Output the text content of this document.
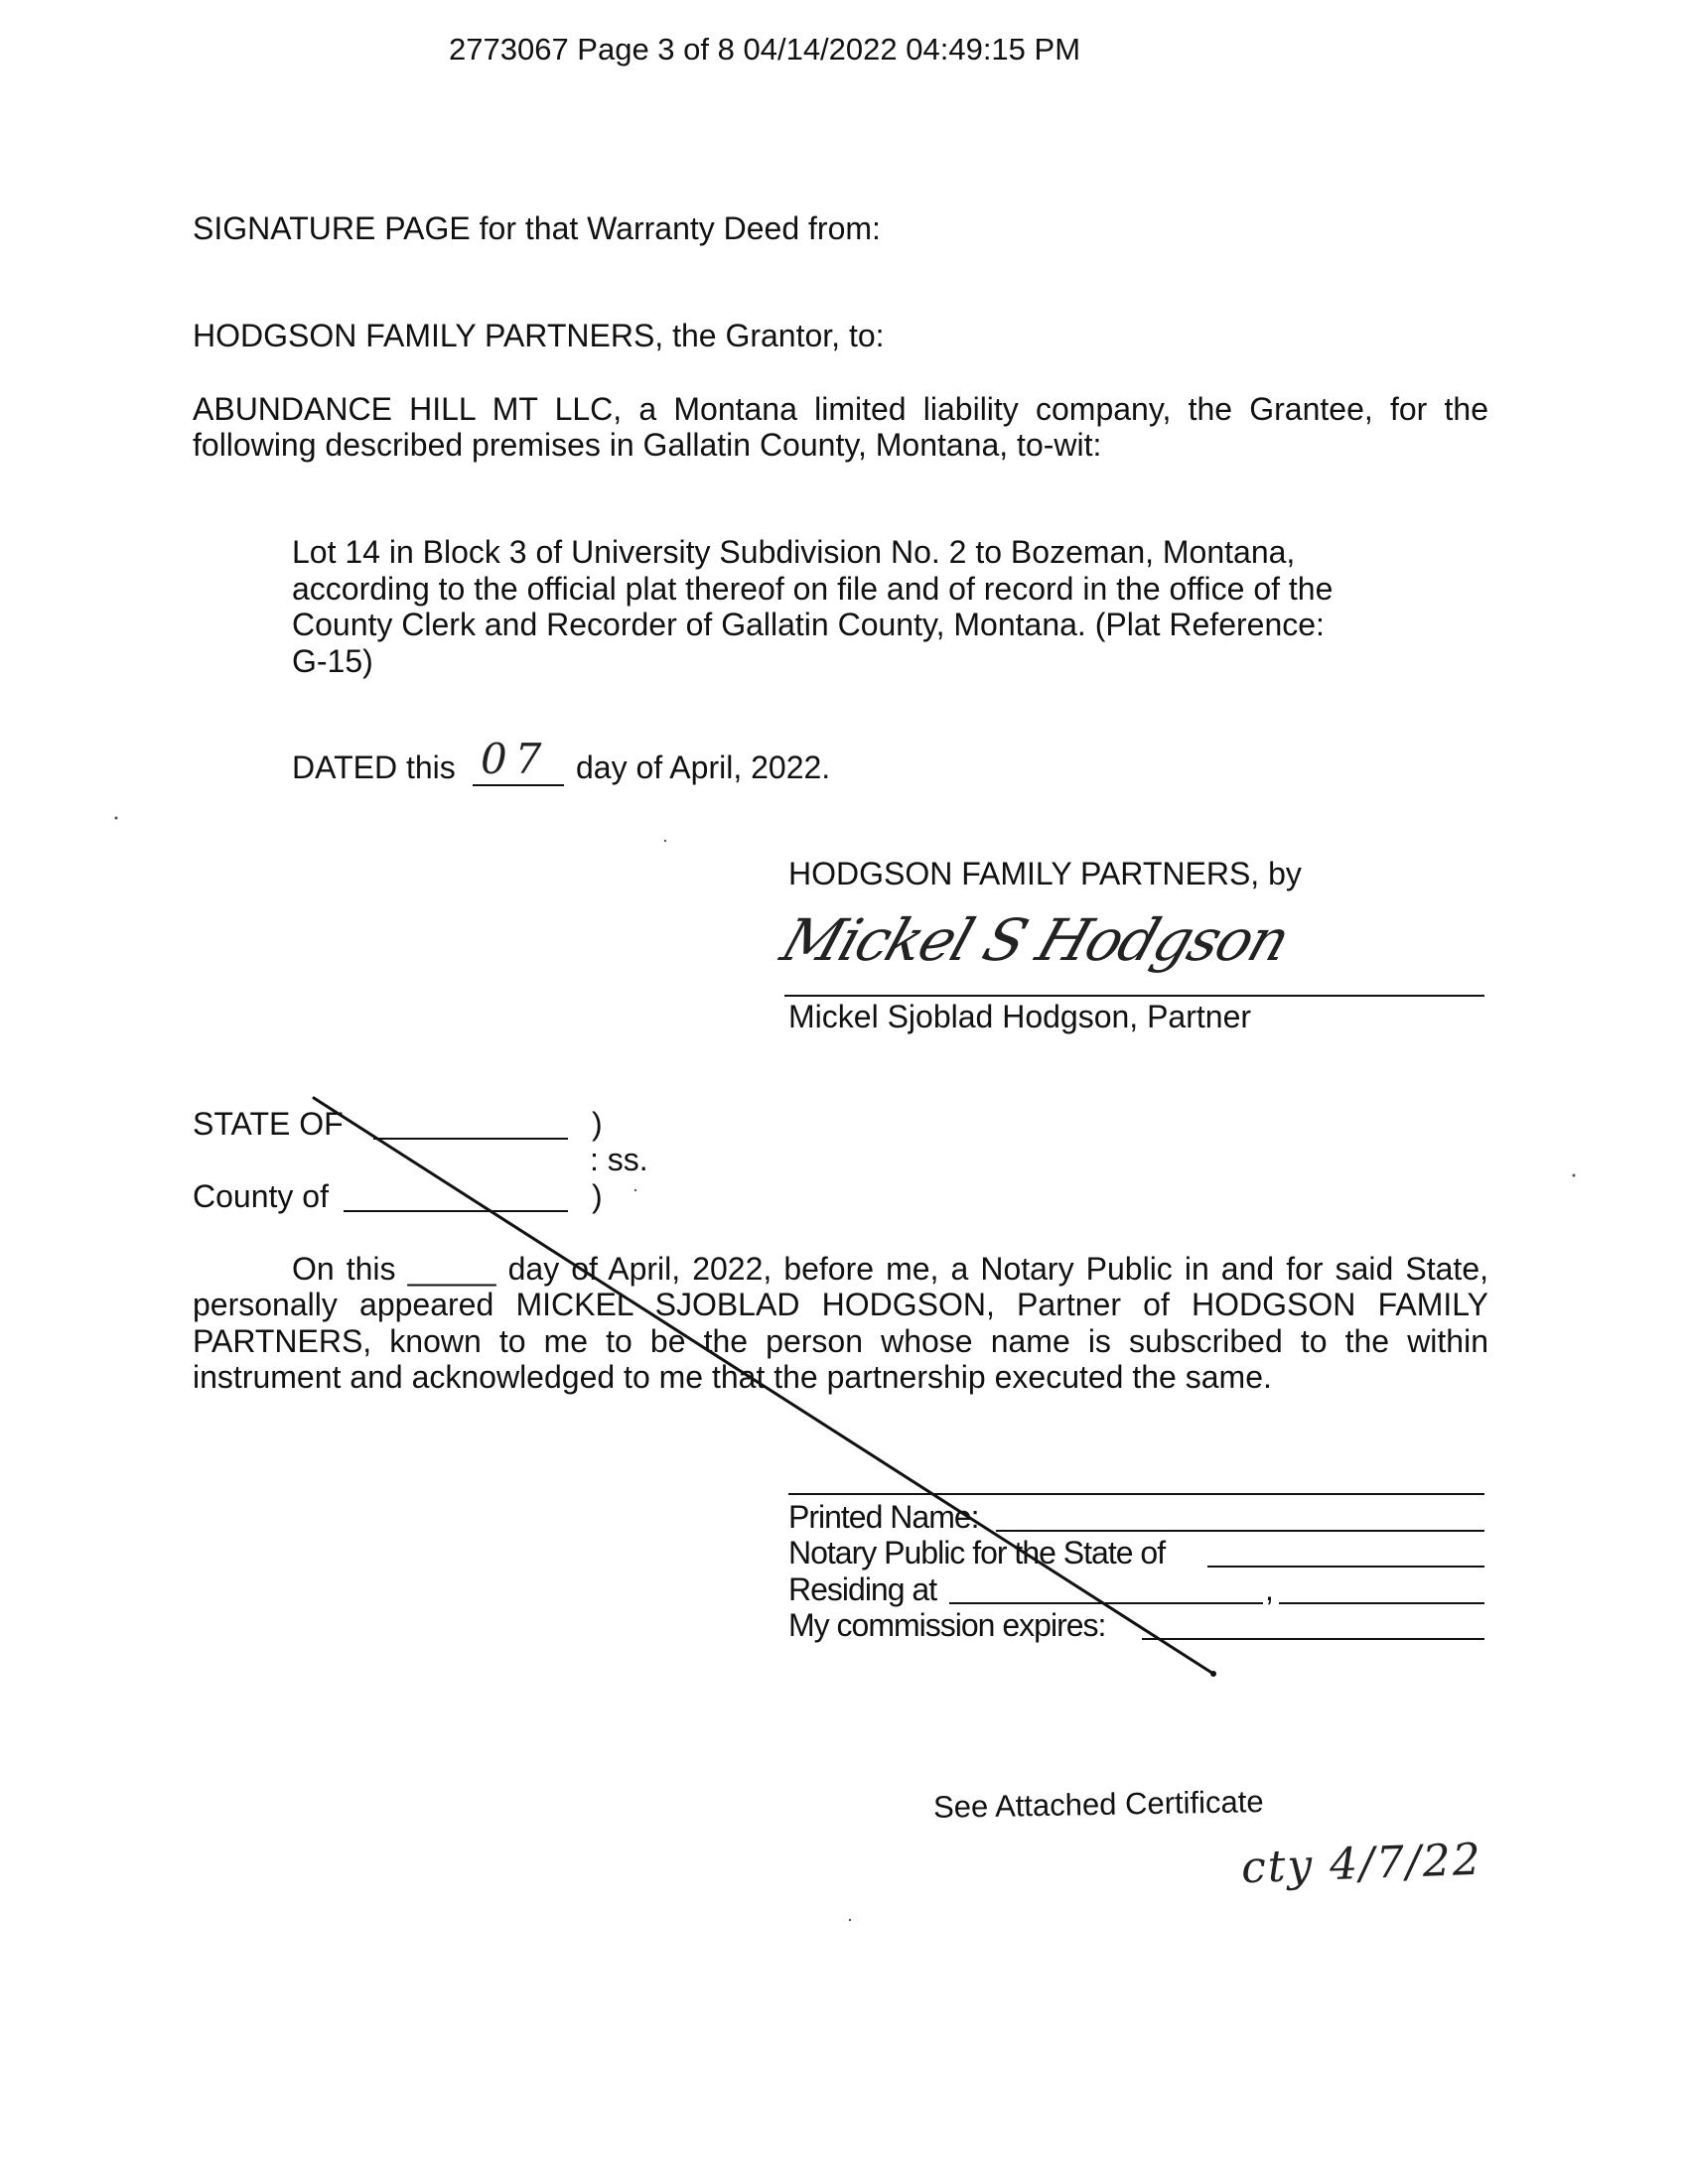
2773067 Page 3 of 8 04/14/2022 04:49:15 PM
SIGNATURE PAGE for that Warranty Deed from:
HODGSON FAMILY PARTNERS, the Grantor, to:
ABUNDANCE HILL MT LLC, a Montana limited liability company, the Grantee, for the
following described premises in Gallatin County, Montana, to-wit:
Lot 14 in Block 3 of University Subdivision No. 2 to Bozeman, Montana,
according to the official plat thereof on file and of record in the office of the
County Clerk and Recorder of Gallatin County, Montana. (Plat Reference:
G-15)
DATED this 07 day of April, 2022.
HODGSON FAMILY PARTNERS, by
Mickel S Hodgson
Mickel Sjoblad Hodgson, Partner
STATE OF	)
: ss.
County of	)
On this _____ day of April, 2022, before me, a Notary Public in and for said State,
personally appeared MICKEL SJOBLAD HODGSON, Partner of HODGSON FAMILY
PARTNERS, known to me to be the person whose name is subscribed to the within
instrument and acknowledged to me that the partnership executed the same.
Printed Name:
Notary Public for the State of
Residing at	,
My commission expires:
See Attached Certificate
cty 4/7/22
